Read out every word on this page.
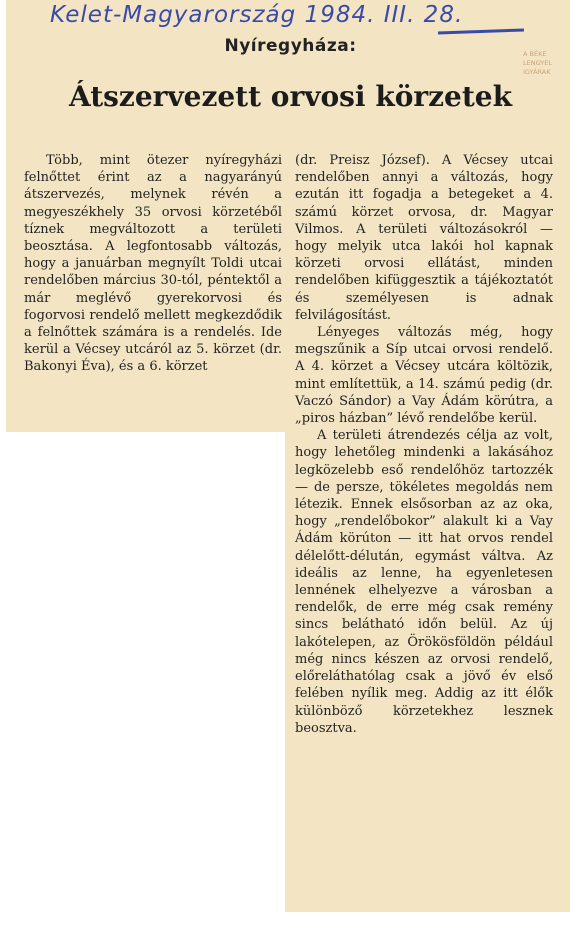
Kelet-Magyarország 1984. III. 28.
A BÉKE LENGYEL IGYÁRAK
Nyíregyháza:
Átszervezett orvosi körzetek

Több, mint ötezer nyíregyházi felnőttet érint az a nagyarányú átszervezés, melynek révén a megyeszékhely 35 orvosi körzetéből tíznek megváltozott a területi beosztása. A legfontosabb változás, hogy a januárban megnyílt Toldi utcai rendelőben március 30-tól, péntektől a már meglévő gyerekorvosi és fogorvosi rendelő mellett megkezdődik a felnőttek számára is a rendelés. Ide kerül a Vécsey utcáról az 5. körzet (dr. Bakonyi Éva), és a 6. körzet

(dr. Preisz József). A Vécsey utcai rendelőben annyi a változás, hogy ezután itt fogadja a betegeket a 4. számú körzet orvosa, dr. Magyar Vilmos. A területi változásokról — hogy melyik utca lakói hol kapnak körzeti orvosi ellátást, minden rendelőben kifüggesztik a tájékoztatót és személyesen is adnak felvilágosítást.

Lényeges változás még, hogy megszűnik a Síp utcai orvosi rendelő. A 4. körzet a Vécsey utcára költözik, mint említettük, a 14. számú pedig (dr. Vaczó Sándor) a Vay Ádám körútra, a „piros házban” lévő rendelőbe kerül.

A területi átrendezés célja az volt, hogy lehetőleg mindenki a lakásához legközelebb eső rendelőhöz tartozzék — de persze, tökéletes megoldás nem létezik. Ennek elsősorban az az oka, hogy „rendelőbokor” alakult ki a Vay Ádám körúton — itt hat orvos rendel délelőtt-délután, egymást váltva. Az ideális az lenne, ha egyenletesen lennének elhelyezve a városban a rendelők, de erre még csak remény sincs belátható időn belül. Az új lakótelepen, az Örökösföldön például még nincs készen az orvosi rendelő, előreláthatólag csak a jövő év első felében nyílik meg. Addig az itt élők különböző körzetekhez lesznek beosztva.
